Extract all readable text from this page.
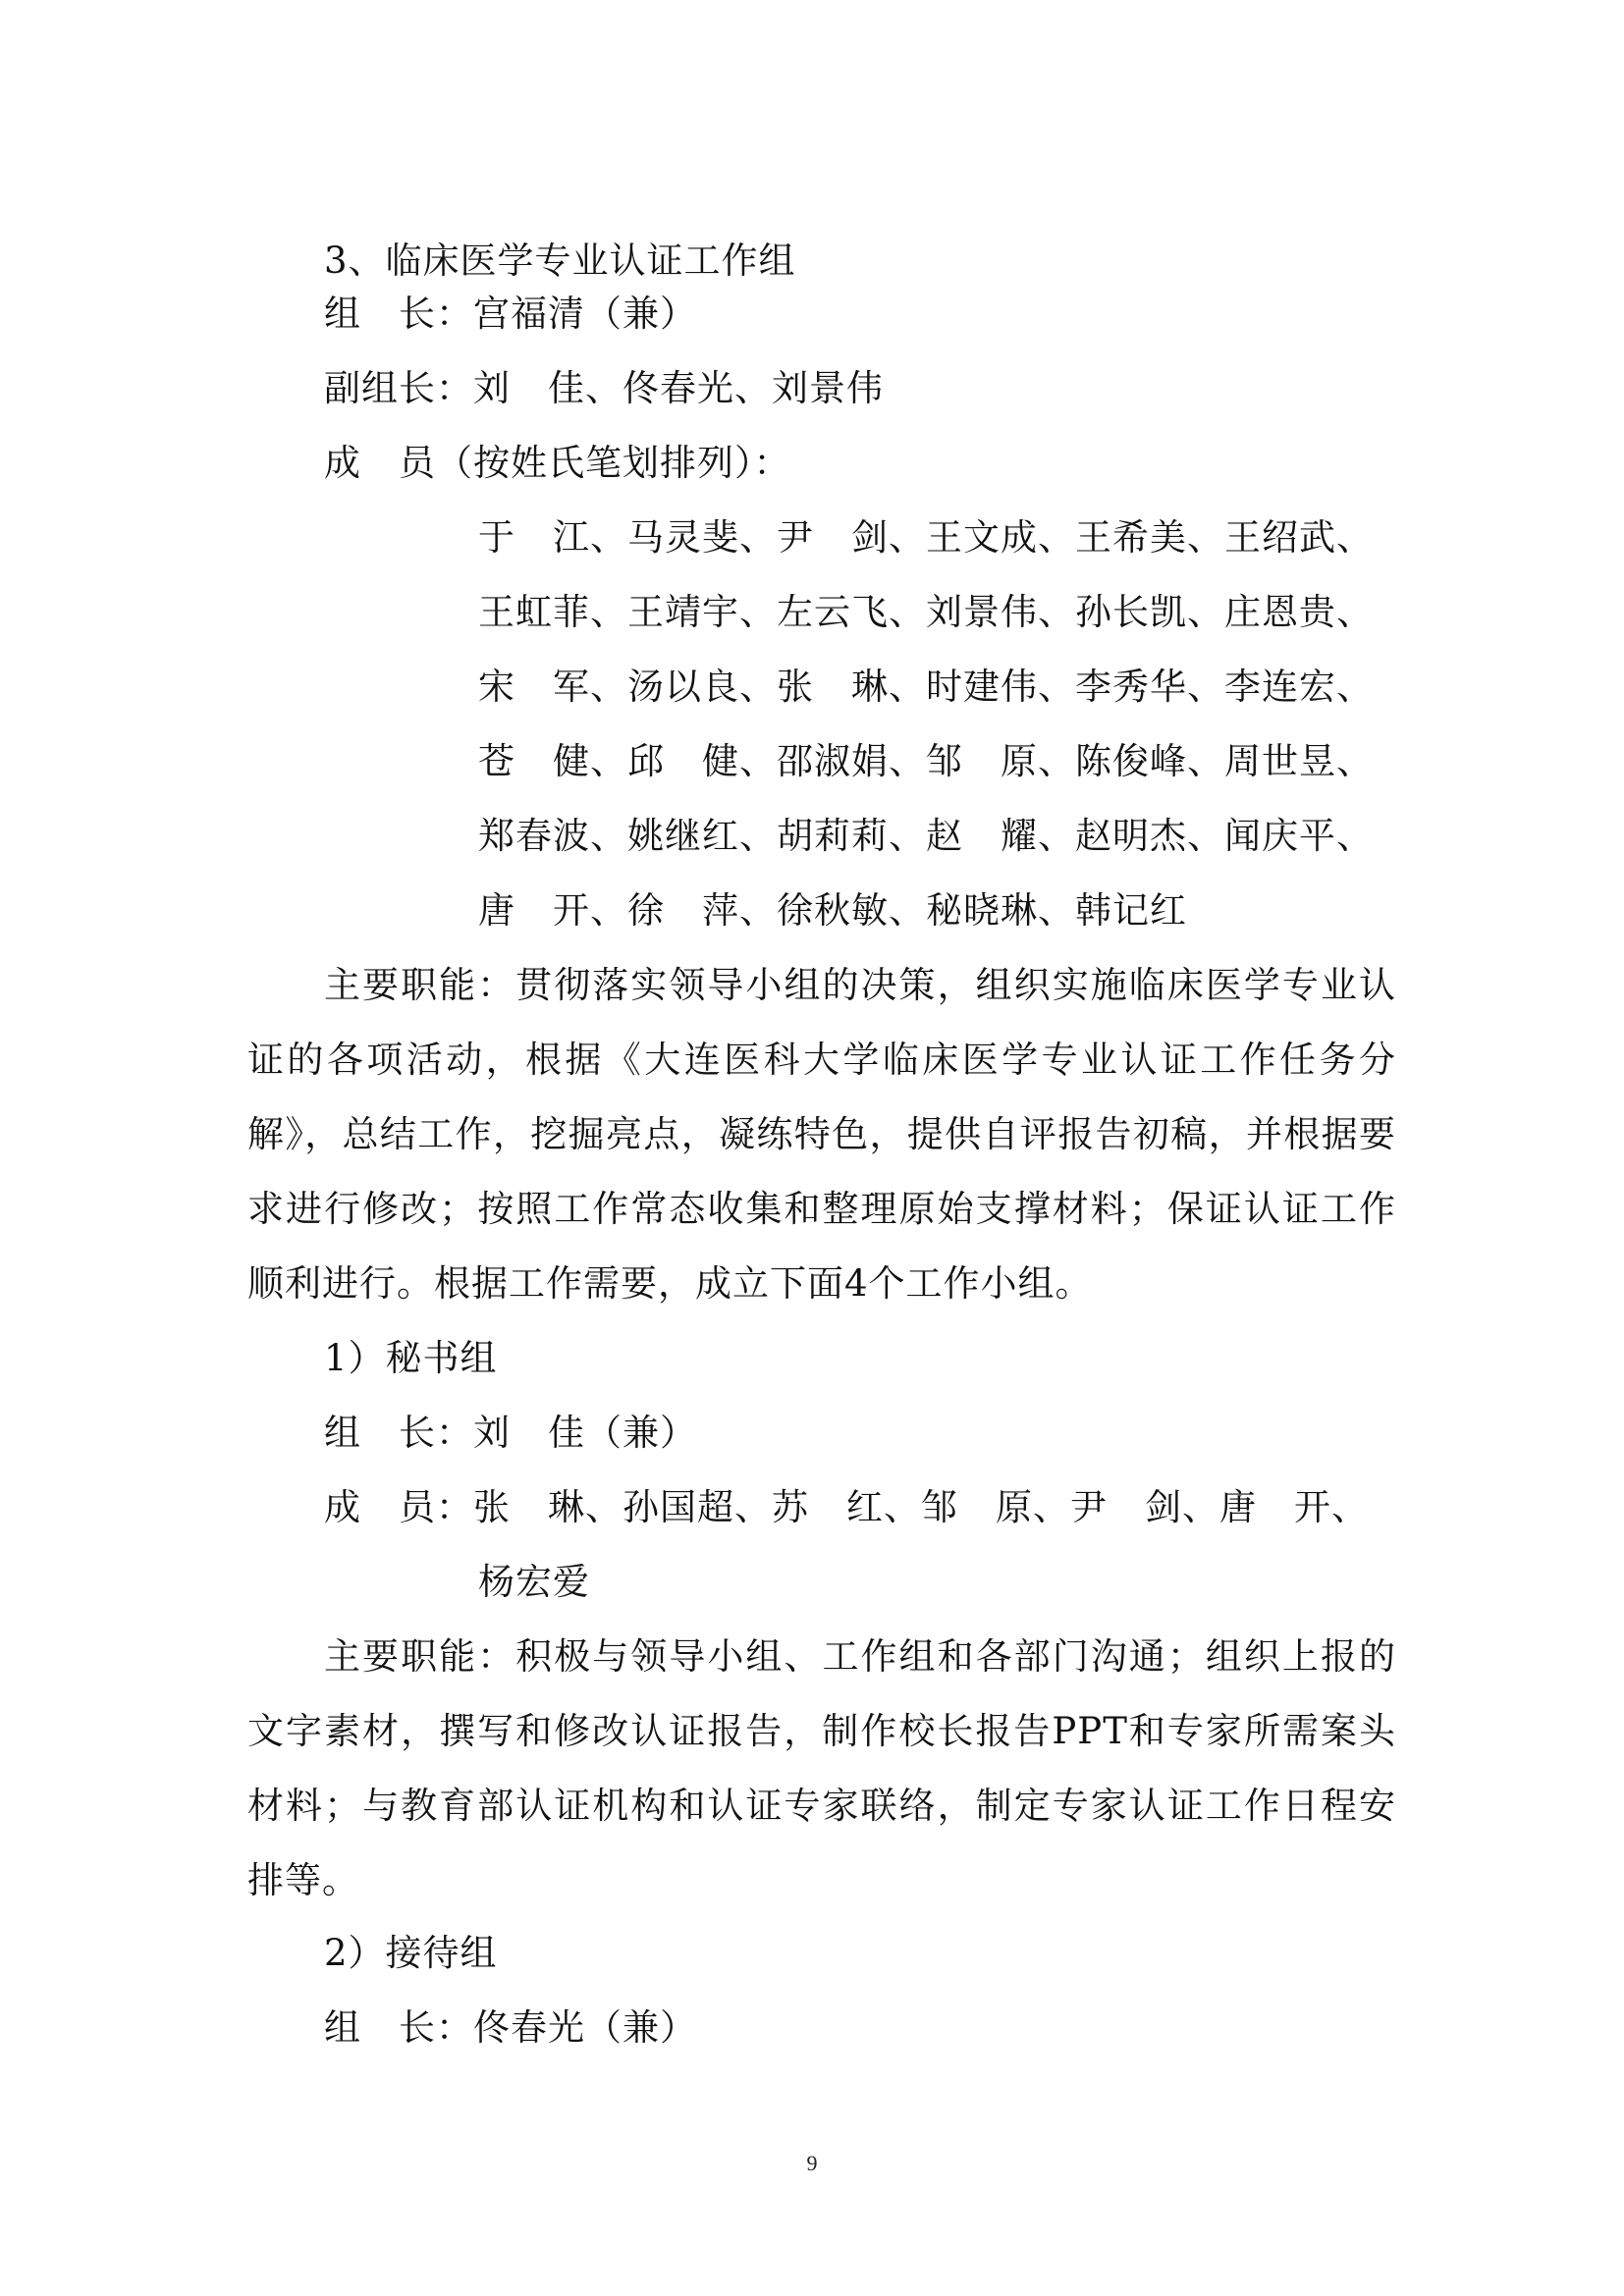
3、临床医学专业认证工作组
组　长：宫福清（兼）
副组长：刘　佳、佟春光、刘景伟
成　员（按姓氏笔划排列）：
于　江、马灵斐、尹　剑、王文成、王希美、王绍武、
王虹菲、王靖宇、左云飞、刘景伟、孙长凯、庄恩贵、
宋　军、汤以良、张　琳、时建伟、李秀华、李连宏、
苍　健、邱　健、邵淑娟、邹　原、陈俊峰、周世昱、
郑春波、姚继红、胡莉莉、赵　耀、赵明杰、闻庆平、
唐　开、徐　萍、徐秋敏、秘晓琳、韩记红
主要职能：贯彻落实领导小组的决策，组织实施临床医学专业认证的各项活动，根据《大连医科大学临床医学专业认证工作任务分解》，总结工作，挖掘亮点，凝练特色，提供自评报告初稿，并根据要求进行修改；按照工作常态收集和整理原始支撑材料；保证认证工作顺利进行。根据工作需要，成立下面4个工作小组。
1）秘书组
组　长：刘　佳（兼）
成　员：张　琳、孙国超、苏　红、邹　原、尹　剑、唐　开、
杨宏爱
主要职能：积极与领导小组、工作组和各部门沟通；组织上报的文字素材，撰写和修改认证报告，制作校长报告PPT和专家所需案头材料；与教育部认证机构和认证专家联络，制定专家认证工作日程安排等。
2）接待组
组　长：佟春光（兼）
9
